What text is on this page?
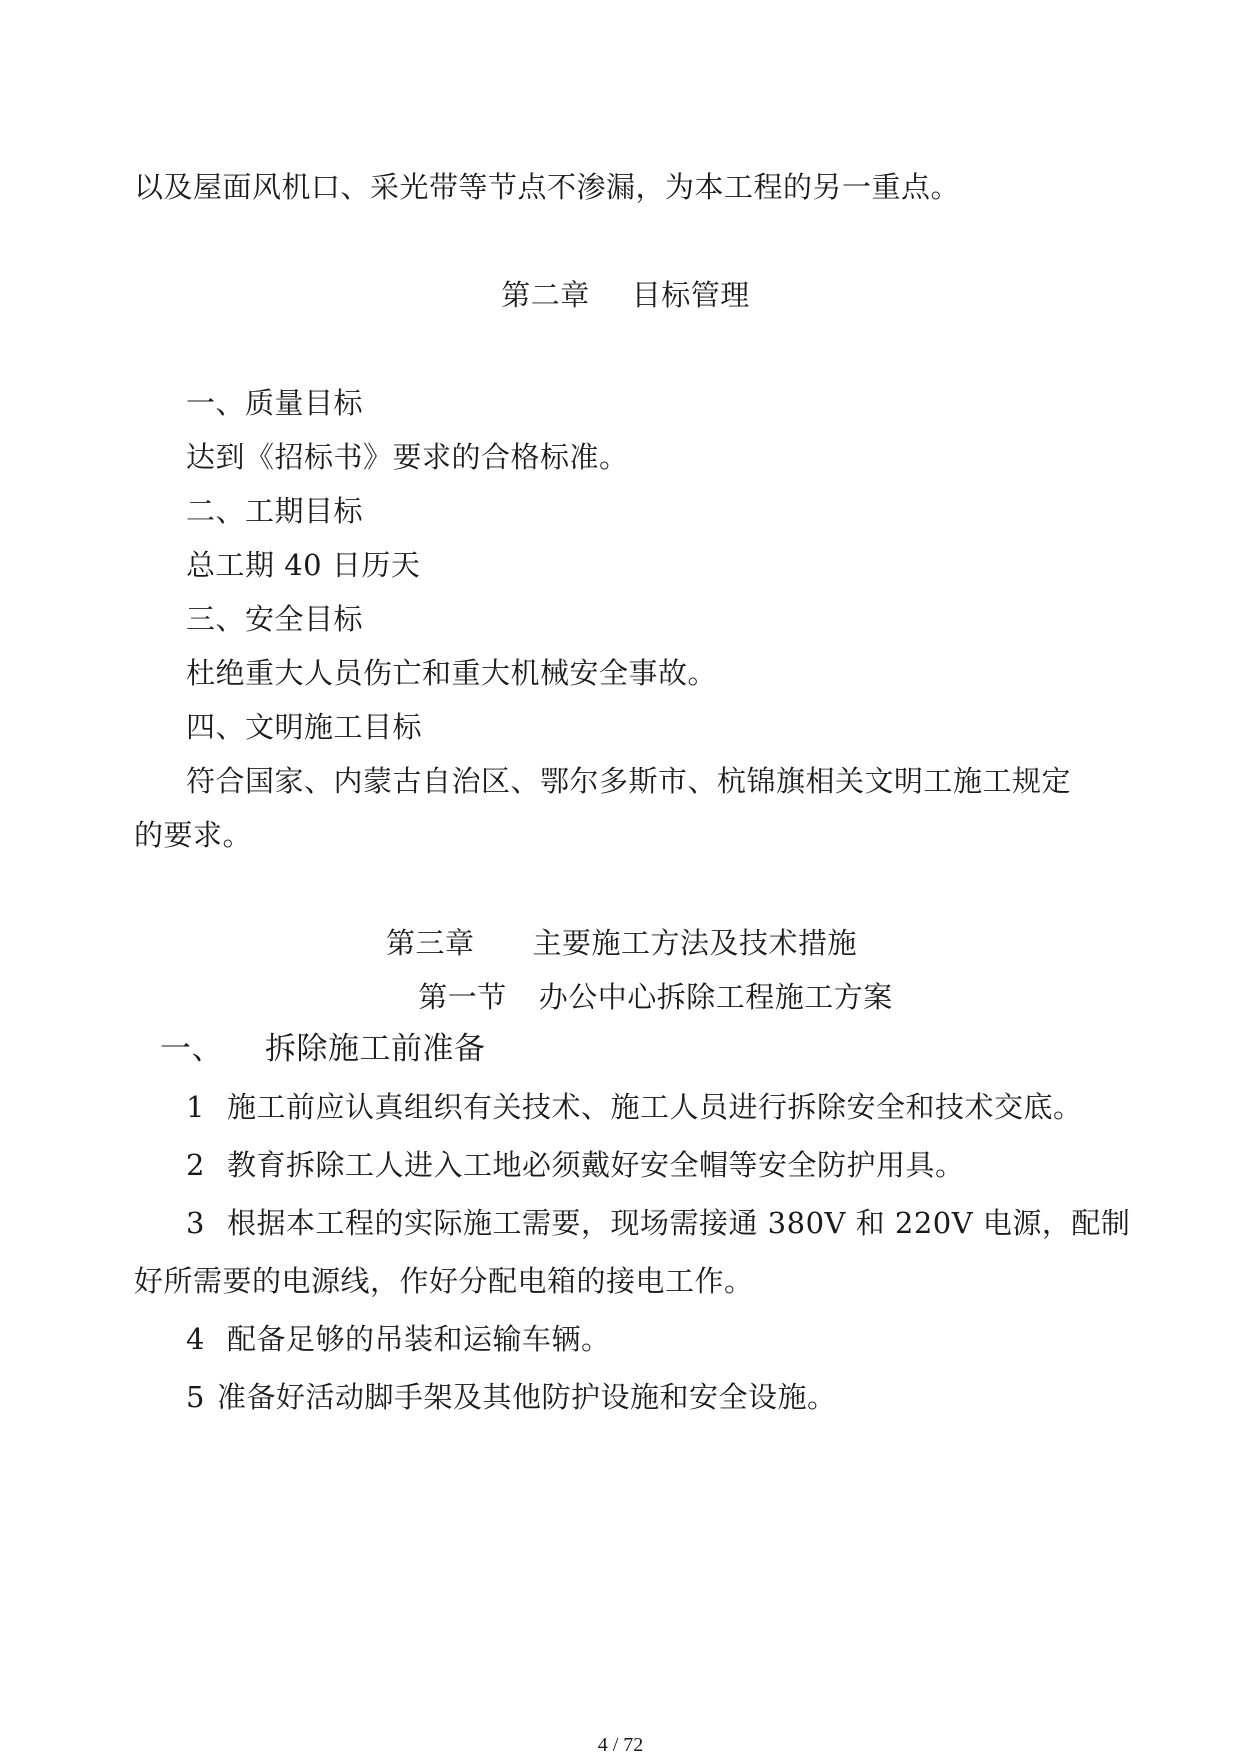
以及屋面风机口、采光带等节点不渗漏，为本工程的另一重点。
第二章 目标管理
一、质量目标
达到《招标书》要求的合格标准。
二、工期目标
总工期 40 日历天
三、安全目标
杜绝重大人员伤亡和重大机械安全事故。
四、文明施工目标
符合国家、内蒙古自治区、鄂尔多斯市、杭锦旗相关文明工施工规定
的要求。
第三章 主要施工方法及技术措施
第一节 办公中心拆除工程施工方案
一、 拆除施工前准备
1 施工前应认真组织有关技术、施工人员进行拆除安全和技术交底。
2 教育拆除工人进入工地必须戴好安全帽等安全防护用具。
3 根据本工程的实际施工需要，现场需接通 380V 和 220V 电源，配制
好所需要的电源线，作好分配电箱的接电工作。
4 配备足够的吊装和运输车辆。
5 准备好活动脚手架及其他防护设施和安全设施。
4 / 72
